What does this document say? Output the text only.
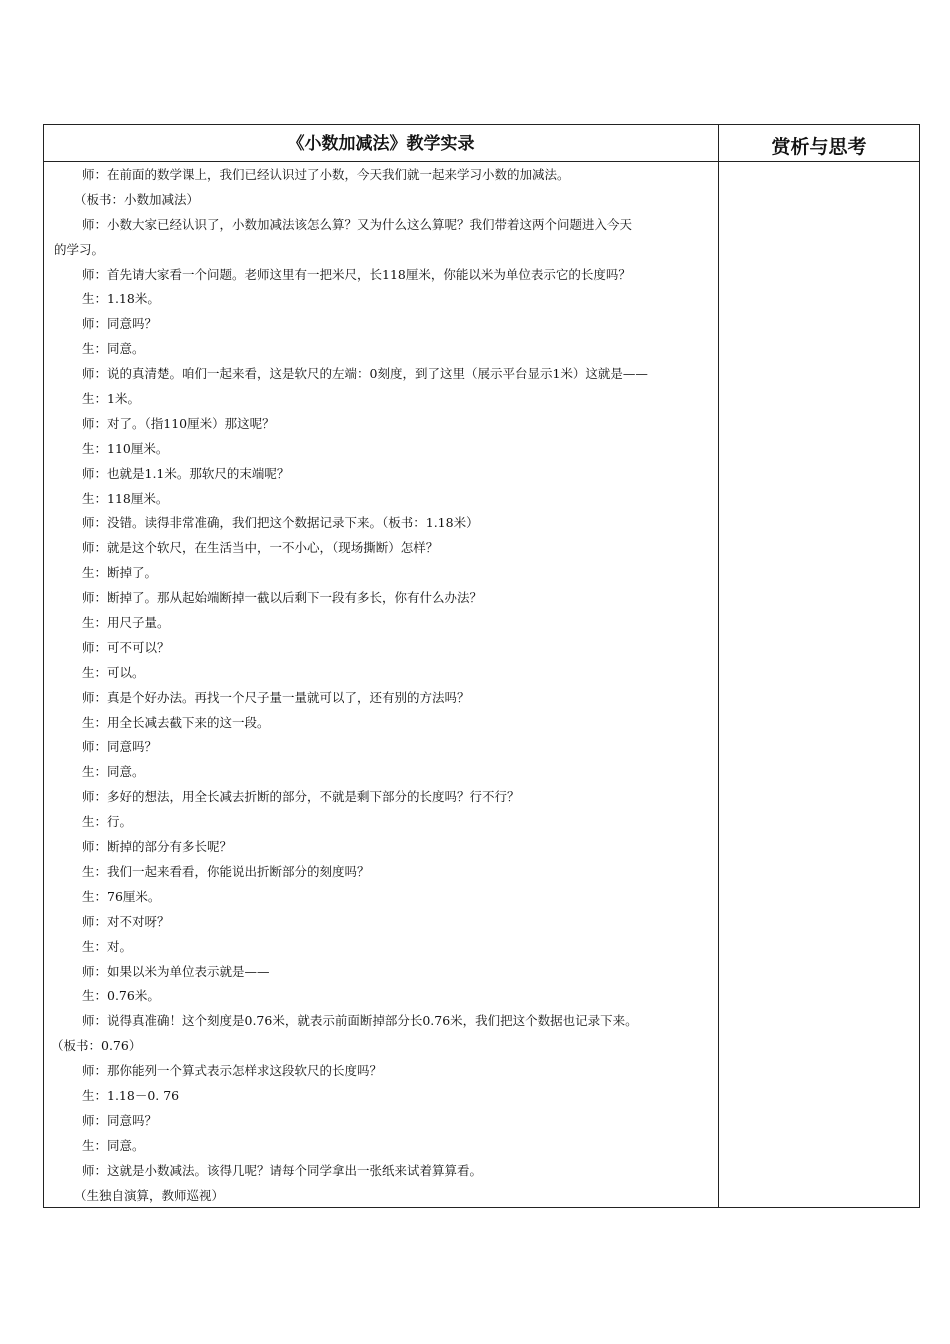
《小数加减法》教学实录	赏析与思考
师：在前面的数学课上，我们已经认识过了小数，今天我们就一起来学习小数的加减法。
（板书：小数加减法）
师：小数大家已经认识了，小数加减法该怎么算？又为什么这么算呢？我们带着这两个问题进入今天
的学习。
师：首先请大家看一个问题。老师这里有一把米尺，长118厘米，你能以米为单位表示它的长度吗？
生：1.18米。
师：同意吗？
生：同意。
师：说的真清楚。咱们一起来看，这是软尺的左端：0刻度，到了这里（展示平台显示1米）这就是——
生：1米。
师：对了。（指110厘米）那这呢？
生：110厘米。
师：也就是1.1米。那软尺的末端呢？
生：118厘米。
师：没错。读得非常准确，我们把这个数据记录下来。（板书：1.18米）
师：就是这个软尺，在生活当中，一不小心，（现场撕断）怎样？
生：断掉了。
师：断掉了。那从起始端断掉一截以后剩下一段有多长，你有什么办法？
生：用尺子量。
师：可不可以？
生：可以。
师：真是个好办法。再找一个尺子量一量就可以了，还有别的方法吗？
生：用全长减去截下来的这一段。
师：同意吗？
生：同意。
师：多好的想法，用全长减去折断的部分，不就是剩下部分的长度吗？行不行？
生：行。
师：断掉的部分有多长呢？
生：我们一起来看看，你能说出折断部分的刻度吗？
生：76厘米。
师：对不对呀？
生：对。
师：如果以米为单位表示就是——
生：0.76米。
师：说得真准确！这个刻度是0.76米，就表示前面断掉部分长0.76米，我们把这个数据也记录下来。
（板书：0.76）
师：那你能列一个算式表示怎样求这段软尺的长度吗？
生：1.18－0. 76
师：同意吗？
生：同意。
师：这就是小数减法。该得几呢？请每个同学拿出一张纸来试着算算看。
（生独自演算，教师巡视）
